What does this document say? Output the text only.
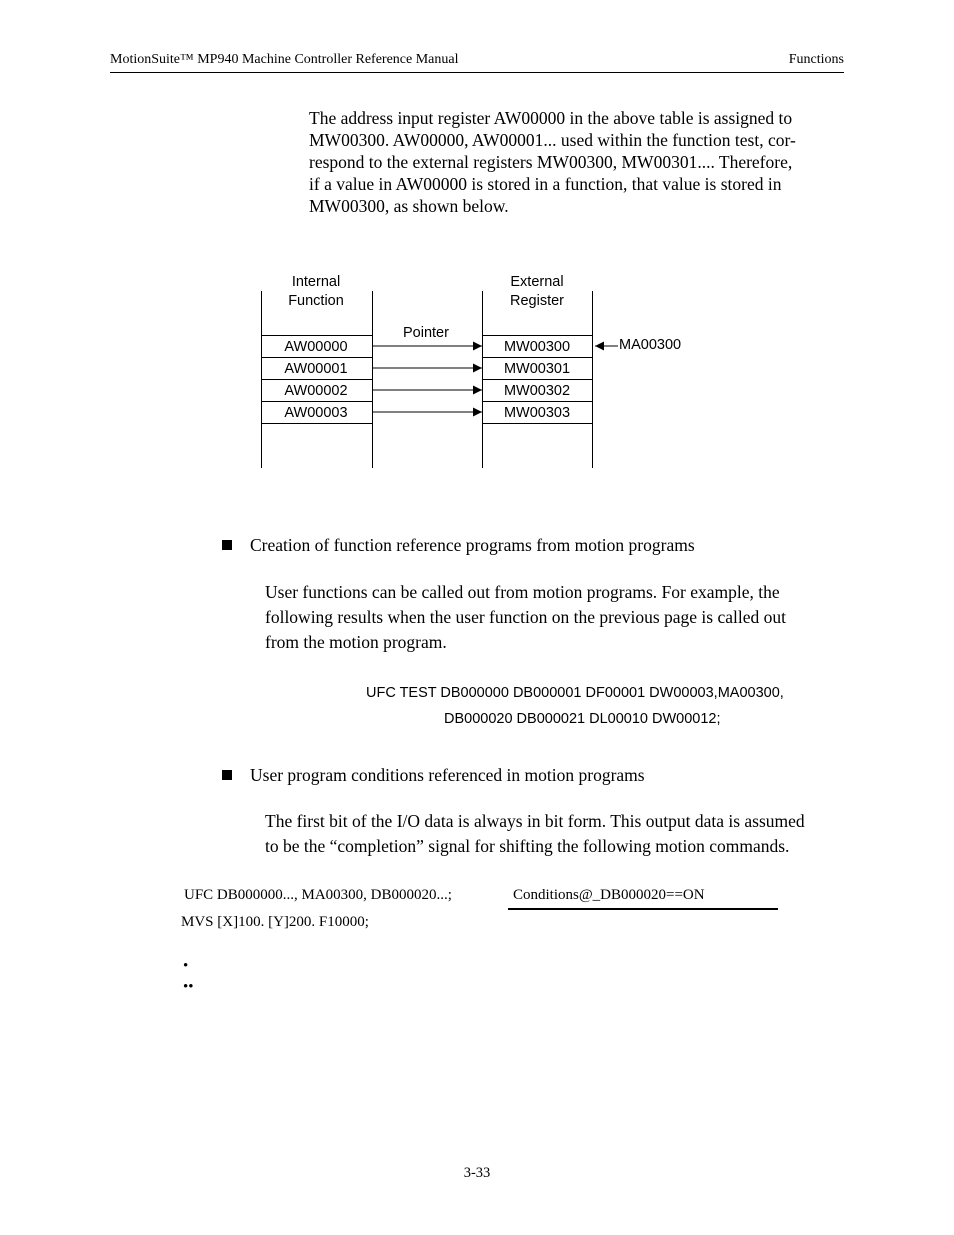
MotionSuite™ MP940 Machine Controller Reference Manual	Functions
The address input register AW00000 in the above table is assigned to
MW00300. AW00000, AW00001... used within the function test, cor-
respond to the external registers MW00300, MW00301.... Therefore,
if a value in AW00000 is stored in a function, that value is stored in
MW00300, as shown below.
Internal
Function
External
Register
Pointer
MA00300
AW00000
AW00001
AW00002
AW00003
MW00300
MW00301
MW00302
MW00303
Creation of function reference programs from motion programs
User functions can be called out from motion programs. For example, the
following results when the user function on the previous page is called out
from the motion program.
UFC TEST DB000000 DB000001 DF00001 DW00003,MA00300,
DB000020 DB000021 DL00010 DW00012;
User program conditions referenced in motion programs
The first bit of the I/O data is always in bit form. This output data is assumed
to be the “completion” signal for shifting the following motion commands.
UFC DB000000..., MA00300, DB000020...;	Conditions@_DB000020==ON
MVS [X]100. [Y]200. F10000;
•
••
3-33
